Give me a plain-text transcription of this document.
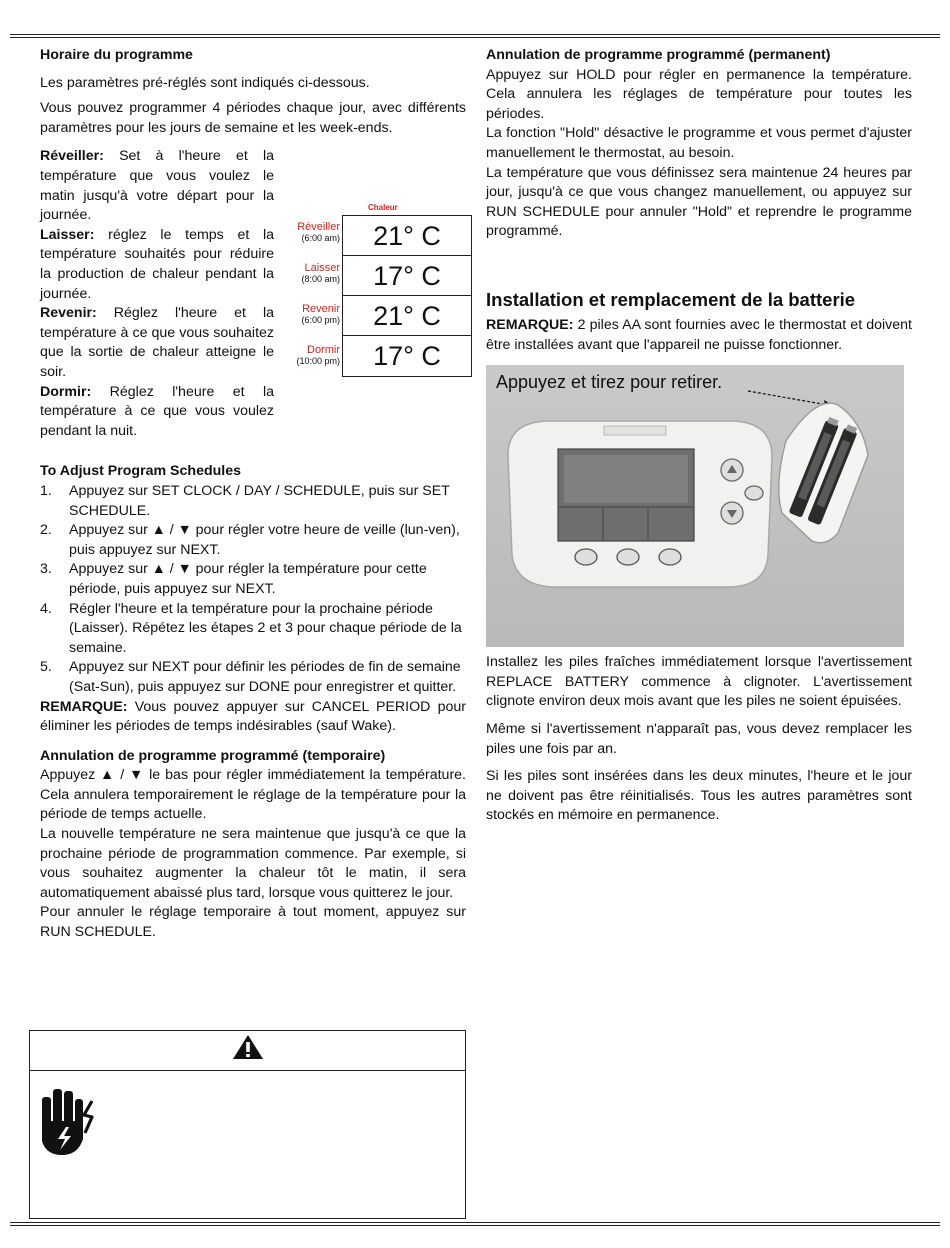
Horaire du programme

Les paramètres pré-réglés sont indiqués ci-dessous.

Vous pouvez programmer 4 périodes chaque jour, avec différents paramètres pour les jours de semaine et les week-ends.

Réveiller: Set à l'heure et la température que vous voulez le matin jusqu'à votre départ pour la journée.

Laisser: réglez le temps et la température souhaités pour réduire la production de chaleur pendant la journée.

Revenir: Réglez l'heure et la température à ce que vous souhaitez que la sortie de chaleur atteigne le soir.

Dormir: Réglez l'heure et la température à ce que vous voulez pendant la nuit.

Chaleur
Réveiller
(6:00 am)
Laisser
(8:00 am)
Revenir
(6:00 pm)
Dormir
(10:00 pm)
21° C
17° C
21° C
17° C

To Adjust Program Schedules

1. Appuyez sur SET CLOCK / DAY / SCHEDULE, puis sur SET SCHEDULE.
2. Appuyez sur ▲ / ▼ pour régler votre heure de veille (lun-ven), puis appuyez sur NEXT.
3. Appuyez sur ▲ / ▼ pour régler la température pour cette période, puis appuyez sur NEXT.
4. Régler l'heure et la température pour la prochaine période (Laisser). Répétez les étapes 2 et 3 pour chaque période de la semaine.
5. Appuyez sur NEXT pour définir les périodes de fin de semaine (Sat-Sun), puis appuyez sur DONE pour enregistrer et quitter.

REMARQUE: Vous pouvez appuyer sur CANCEL PERIOD pour éliminer les périodes de temps indésirables (sauf Wake).

Annulation de programme programmé (temporaire)

Appuyez ▲ / ▼ le bas pour régler immédiatement la température. Cela annulera temporairement le réglage de la température pour la période de temps actuelle.

La nouvelle température ne sera maintenue que jusqu'à ce que la prochaine période de programmation commence. Par exemple, si vous souhaitez augmenter la chaleur tôt le matin, il sera automatiquement abaissé plus tard, lorsque vous quitterez le jour.

Pour annuler le réglage temporaire à tout moment, appuyez sur RUN SCHEDULE.

Annulation de programme programmé (permanent)

Appuyez sur HOLD pour régler en permanence la température. Cela annulera les réglages de température pour toutes les périodes.

La fonction "Hold" désactive le programme et vous permet d'ajuster manuellement le thermostat, au besoin.

La température que vous définissez sera maintenue 24 heures par jour, jusqu'à ce que vous changez manuellement, ou appuyez sur RUN SCHEDULE pour annuler "Hold" et reprendre le programme programmé.

Installation et remplacement de la batterie

REMARQUE: 2 piles AA sont fournies avec le thermostat et doivent être installées avant que l'appareil ne puisse fonctionner.

Appuyez et tirez pour retirer.

Installez les piles fraîches immédiatement lorsque l'avertissement REPLACE BATTERY commence à clignoter. L'avertissement clignote environ deux mois avant que les piles ne soient épuisées.

Même si l'avertissement n'apparaît pas, vous devez remplacer les piles une fois par an.

Si les piles sont insérées dans les deux minutes, l'heure et le jour ne doivent pas être réinitialisés. Tous les autres paramètres sont stockés en mémoire en permanence.
